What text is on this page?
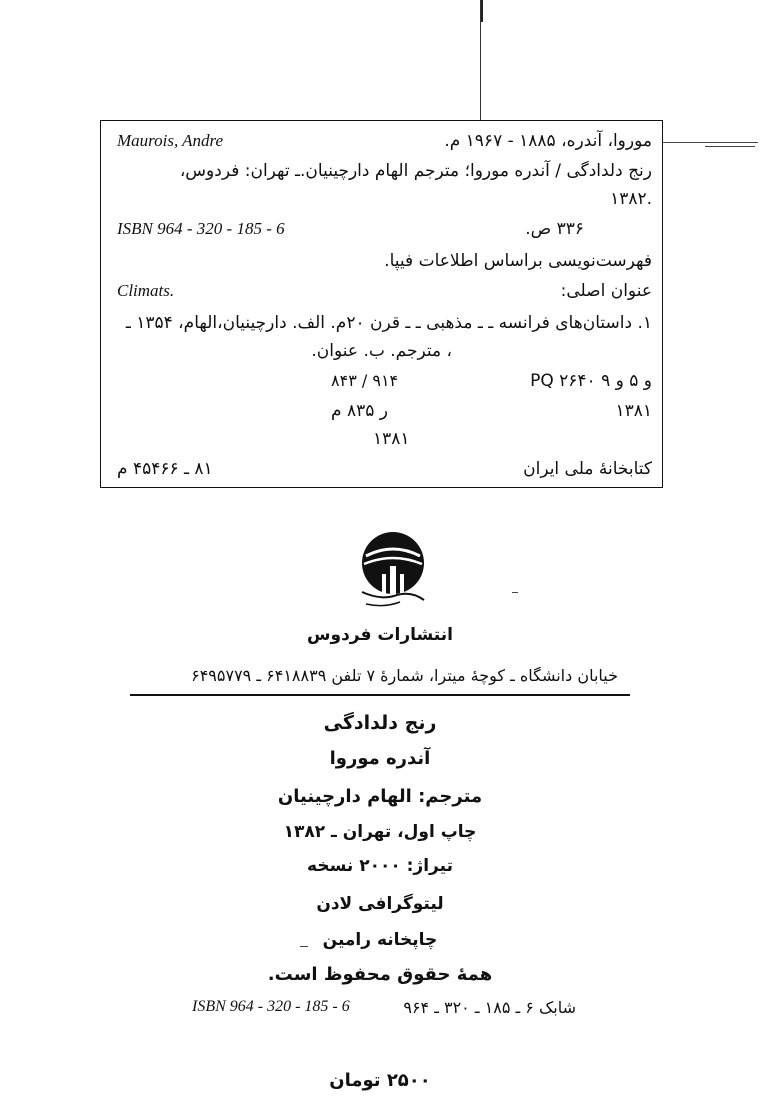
Maurois, Andre	موروا، آندره، ۱۸۸۵ - ۱۹۶۷ م.
رنج دلدادگی / آندره موروا؛ مترجم الهام دارچینیان.ـ تهران: فردوس،
۱۳۸۲.
ISBN 964 - 320 - 185 - 6	۳۳۶ ص.
فهرست‌نویسی براساس اطلاعات فیپا.
Climats.	عنوان اصلی:
۱. داستان‌های فرانسه ـ ـ مذهبی ـ ـ قرن ۲۰م. الف. دارچینیان،الهام، ۱۳۵۴ ـ
، مترجم. ب. عنوان.
۸۴۳ / ۹۱۴	PQ ۲۶۴۰ و ۵ و ۹
ر ۸۳۵ م	۱۳۸۱
۱۳۸۱
۸۱ ـ ۴۵۴۶۶ م	کتابخانهٔ ملی ایران
انتشارات فردوس
خیابان دانشگاه ـ کوچهٔ میترا، شمارهٔ ۷ تلفن ۶۴۱۸۸۳۹ ـ ۶۴۹۵۷۷۹
رنج دلدادگی
آندره موروا
مترجم: الهام دارچینیان
چاپ اول، تهران ـ ۱۳۸۲
تیراژ: ۲۰۰۰ نسخه
لیتوگرافی لادن
چاپخانه رامین
همهٔ حقوق محفوظ است.
ISBN 964 - 320 - 185 - 6	شابک ۶ ـ ۱۸۵ ـ ۳۲۰ ـ ۹۶۴
۲۵۰۰ تومان
